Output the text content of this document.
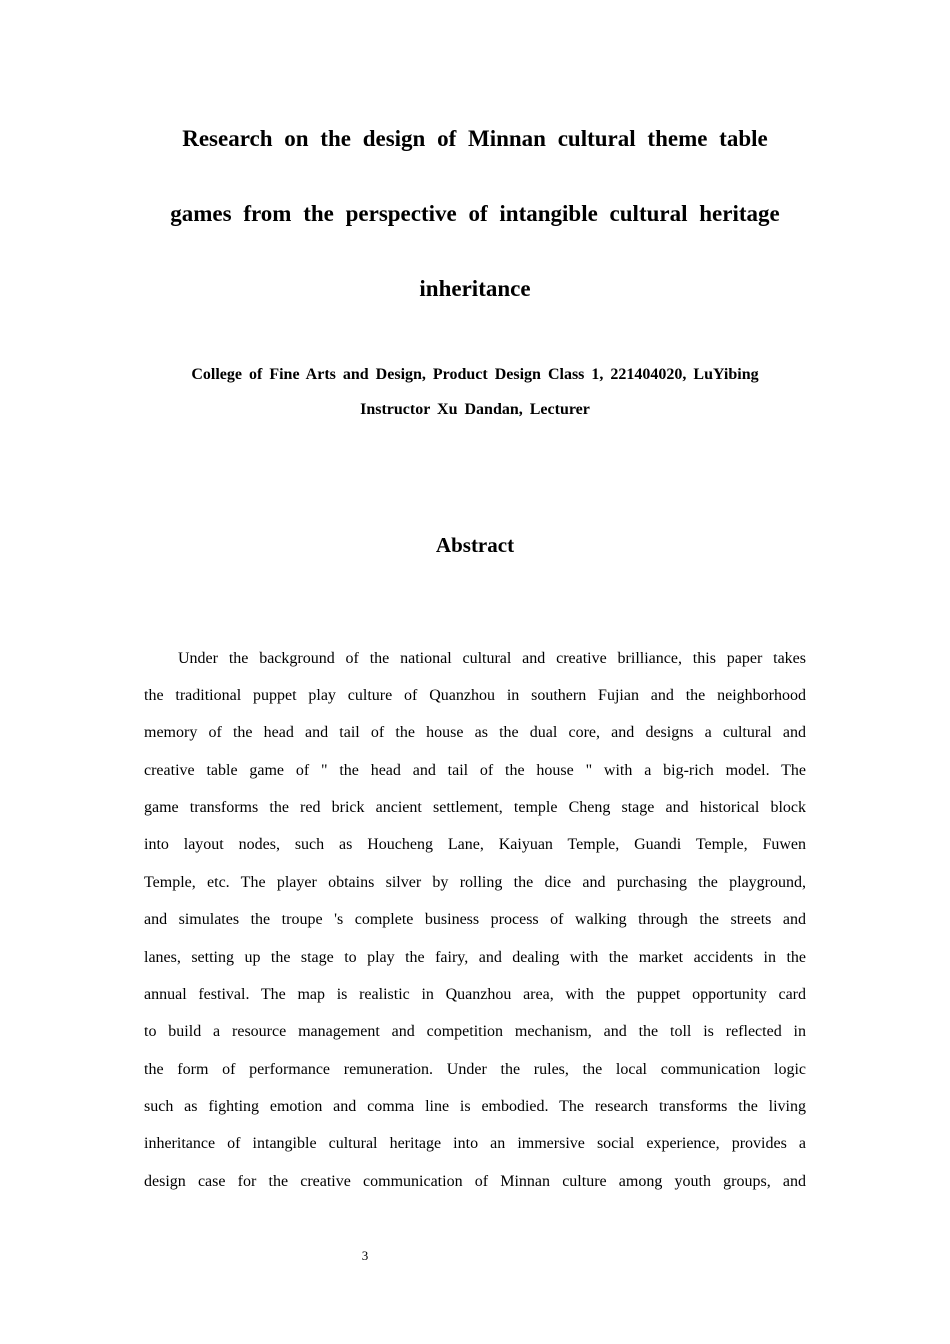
Research on the design of Minnan cultural theme table
games from the perspective of intangible cultural heritage
inheritance
College of Fine Arts and Design, Product Design Class 1, 221404020, LuYibing
Instructor Xu Dandan, Lecturer
Abstract
Under the background of the national cultural and creative brilliance, this paper takes
the traditional puppet play culture of Quanzhou in southern Fujian and the neighborhood
memory of the head and tail of the house as the dual core, and designs a cultural and
creative table game of " the head and tail of the house " with a big-rich model. The
game transforms the red brick ancient settlement, temple Cheng stage and historical block
into layout nodes, such as Houcheng Lane, Kaiyuan Temple, Guandi Temple, Fuwen
Temple, etc. The player obtains silver by rolling the dice and purchasing the playground,
and simulates the troupe 's complete business process of walking through the streets and
lanes, setting up the stage to play the fairy, and dealing with the market accidents in the
annual festival. The map is realistic in Quanzhou area, with the puppet opportunity card
to build a resource management and competition mechanism, and the toll is reflected in
the form of performance remuneration. Under the rules, the local communication logic
such as fighting emotion and comma line is embodied. The research transforms the living
inheritance of intangible cultural heritage into an immersive social experience, provides a
design case for the creative communication of Minnan culture among youth groups, and
3
